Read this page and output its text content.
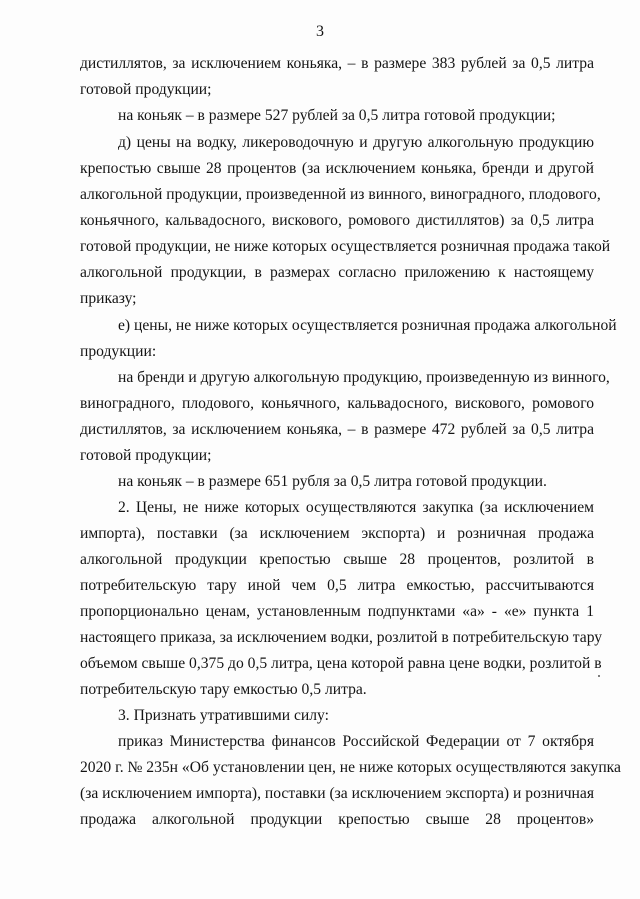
3
дистиллятов, за исключением коньяка, – в размере 383 рублей за 0,5 литра
готовой продукции;
на коньяк – в размере 527 рублей за 0,5 литра готовой продукции;
д) цены на водку, ликероводочную и другую алкогольную продукцию
крепостью свыше 28 процентов (за исключением коньяка, бренди и другой
алкогольной продукции, произведенной из винного, виноградного, плодового,
коньячного, кальвадосного, вискового, ромового дистиллятов) за 0,5 литра
готовой продукции, не ниже которых осуществляется розничная продажа такой
алкогольной продукции, в размерах согласно приложению к настоящему
приказу;
е) цены, не ниже которых осуществляется розничная продажа алкогольной
продукции:
на бренди и другую алкогольную продукцию, произведенную из винного,
виноградного, плодового, коньячного, кальвадосного, вискового, ромового
дистиллятов, за исключением коньяка, – в размере 472 рублей за 0,5 литра
готовой продукции;
на коньяк – в размере 651 рубля за 0,5 литра готовой продукции.
2. Цены, не ниже которых осуществляются закупка (за исключением
импорта), поставки (за исключением экспорта) и розничная продажа
алкогольной продукции крепостью свыше 28 процентов, розлитой в
потребительскую тару иной чем 0,5 литра емкостью, рассчитываются
пропорционально ценам, установленным подпунктами «а» - «е» пункта 1
настоящего приказа, за исключением водки, розлитой в потребительскую тару
объемом свыше 0,375 до 0,5 литра, цена которой равна цене водки, розлитой в
потребительскую тару емкостью 0,5 литра.
3. Признать утратившими силу:
приказ Министерства финансов Российской Федерации от 7 октября
2020 г. № 235н «Об установлении цен, не ниже которых осуществляются закупка
(за исключением импорта), поставки (за исключением экспорта) и розничная
продажа алкогольной продукции крепостью свыше 28 процентов»
